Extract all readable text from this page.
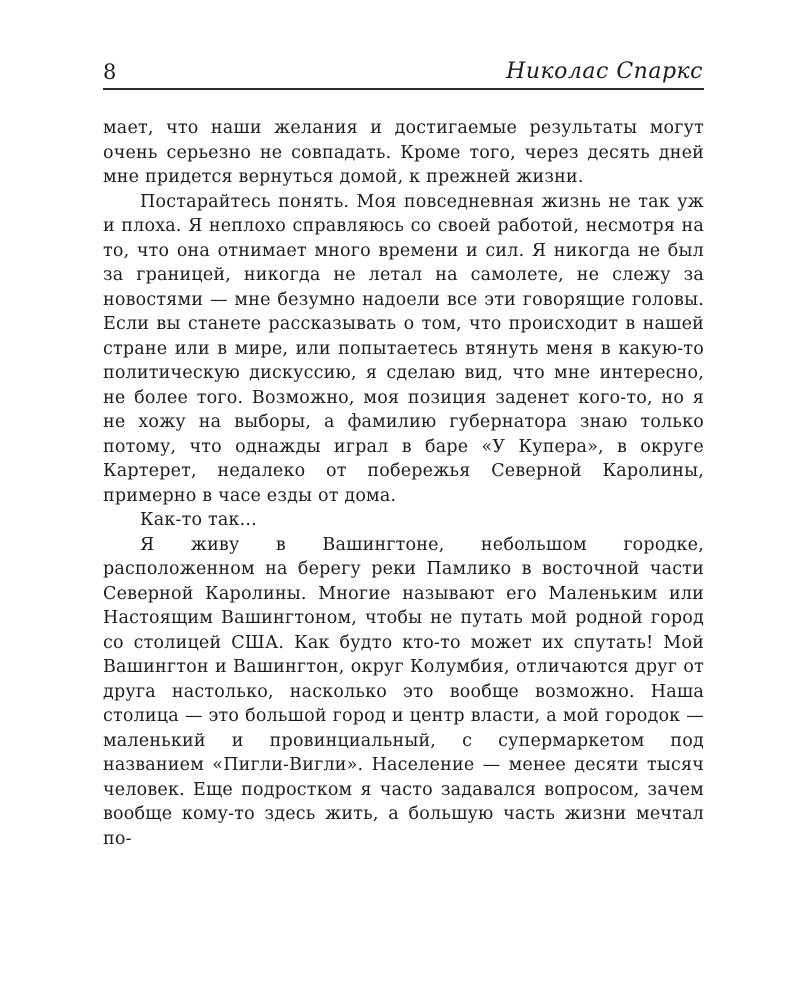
8	Николас Спаркс

мает, что наши желания и достигаемые результаты могут очень серьезно не совпадать. Кроме того, через десять дней мне придется вернуться домой, к прежней жизни.

Постарайтесь понять. Моя повседневная жизнь не так уж и плоха. Я неплохо справляюсь со своей работой, несмотря на то, что она отнимает много времени и сил. Я никогда не был за границей, никогда не летал на самолете, не слежу за новостями — мне безумно надоели все эти говорящие головы. Если вы станете рассказывать о том, что происходит в нашей стране или в мире, или попытаетесь втянуть меня в какую-то политическую дискуссию, я сделаю вид, что мне интересно, не более того. Возможно, моя позиция заденет кого-то, но я не хожу на выборы, а фамилию губернатора знаю только потому, что однажды играл в баре «У Купера», в округе Картерет, недалеко от побережья Северной Каролины, примерно в часе езды от дома.

Как-то так...

Я живу в Вашингтоне, небольшом городке, расположенном на берегу реки Памлико в восточной части Северной Каролины. Многие называют его Маленьким или Настоящим Вашингтоном, чтобы не путать мой родной город со столицей США. Как будто кто-то может их спутать! Мой Вашингтон и Вашингтон, округ Колумбия, отличаются друг от друга настолько, насколько это вообще возможно. Наша столица — это большой город и центр власти, а мой городок — маленький и провинциальный, с супермаркетом под названием «Пигли-Вигли». Население — менее десяти тысяч человек. Еще подростком я часто задавался вопросом, зачем вообще кому-то здесь жить, а большую часть жизни мечтал по-
